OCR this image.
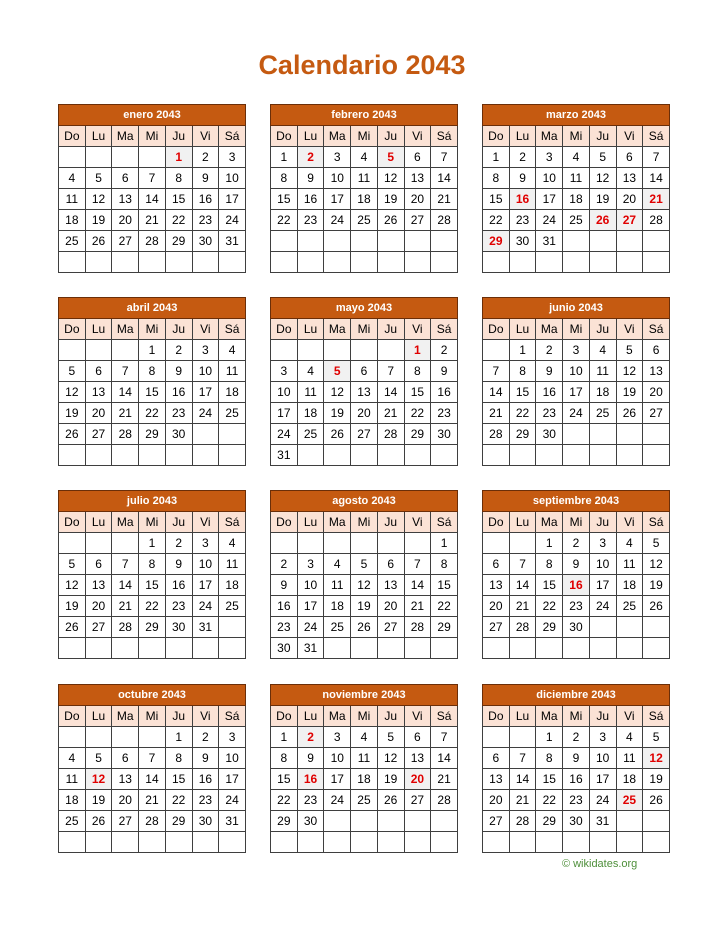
Calendario 2043
enero 2043						
Do	Lu	Ma	Mi	Ju	Vi	Sá
				1	2	3
4	5	6	7	8	9	10
11	12	13	14	15	16	17
18	19	20	21	22	23	24
25	26	27	28	29	30	31

febrero 2043						
Do	Lu	Ma	Mi	Ju	Vi	Sá
1	2	3	4	5	6	7
8	9	10	11	12	13	14
15	16	17	18	19	20	21
22	23	24	25	26	27	28

marzo 2043						
Do	Lu	Ma	Mi	Ju	Vi	Sá
1	2	3	4	5	6	7
8	9	10	11	12	13	14
15	16	17	18	19	20	21
22	23	24	25	26	27	28
29	30	31				

abril 2043						
Do	Lu	Ma	Mi	Ju	Vi	Sá
			1	2	3	4
5	6	7	8	9	10	11
12	13	14	15	16	17	18
19	20	21	22	23	24	25
26	27	28	29	30		

mayo 2043						
Do	Lu	Ma	Mi	Ju	Vi	Sá
					1	2
3	4	5	6	7	8	9
10	11	12	13	14	15	16
17	18	19	20	21	22	23
24	25	26	27	28	29	30
31						
junio 2043						
Do	Lu	Ma	Mi	Ju	Vi	Sá
	1	2	3	4	5	6
7	8	9	10	11	12	13
14	15	16	17	18	19	20
21	22	23	24	25	26	27
28	29	30				

julio 2043						
Do	Lu	Ma	Mi	Ju	Vi	Sá
			1	2	3	4
5	6	7	8	9	10	11
12	13	14	15	16	17	18
19	20	21	22	23	24	25
26	27	28	29	30	31	

agosto 2043						
Do	Lu	Ma	Mi	Ju	Vi	Sá
						1
2	3	4	5	6	7	8
9	10	11	12	13	14	15
16	17	18	19	20	21	22
23	24	25	26	27	28	29
30	31					
septiembre 2043						
Do	Lu	Ma	Mi	Ju	Vi	Sá
		1	2	3	4	5
6	7	8	9	10	11	12
13	14	15	16	17	18	19
20	21	22	23	24	25	26
27	28	29	30			

octubre 2043						
Do	Lu	Ma	Mi	Ju	Vi	Sá
				1	2	3
4	5	6	7	8	9	10
11	12	13	14	15	16	17
18	19	20	21	22	23	24
25	26	27	28	29	30	31

noviembre 2043						
Do	Lu	Ma	Mi	Ju	Vi	Sá
1	2	3	4	5	6	7
8	9	10	11	12	13	14
15	16	17	18	19	20	21
22	23	24	25	26	27	28
29	30					

diciembre 2043						
Do	Lu	Ma	Mi	Ju	Vi	Sá
		1	2	3	4	5
6	7	8	9	10	11	12
13	14	15	16	17	18	19
20	21	22	23	24	25	26
27	28	29	30	31		

© wikidates.org
